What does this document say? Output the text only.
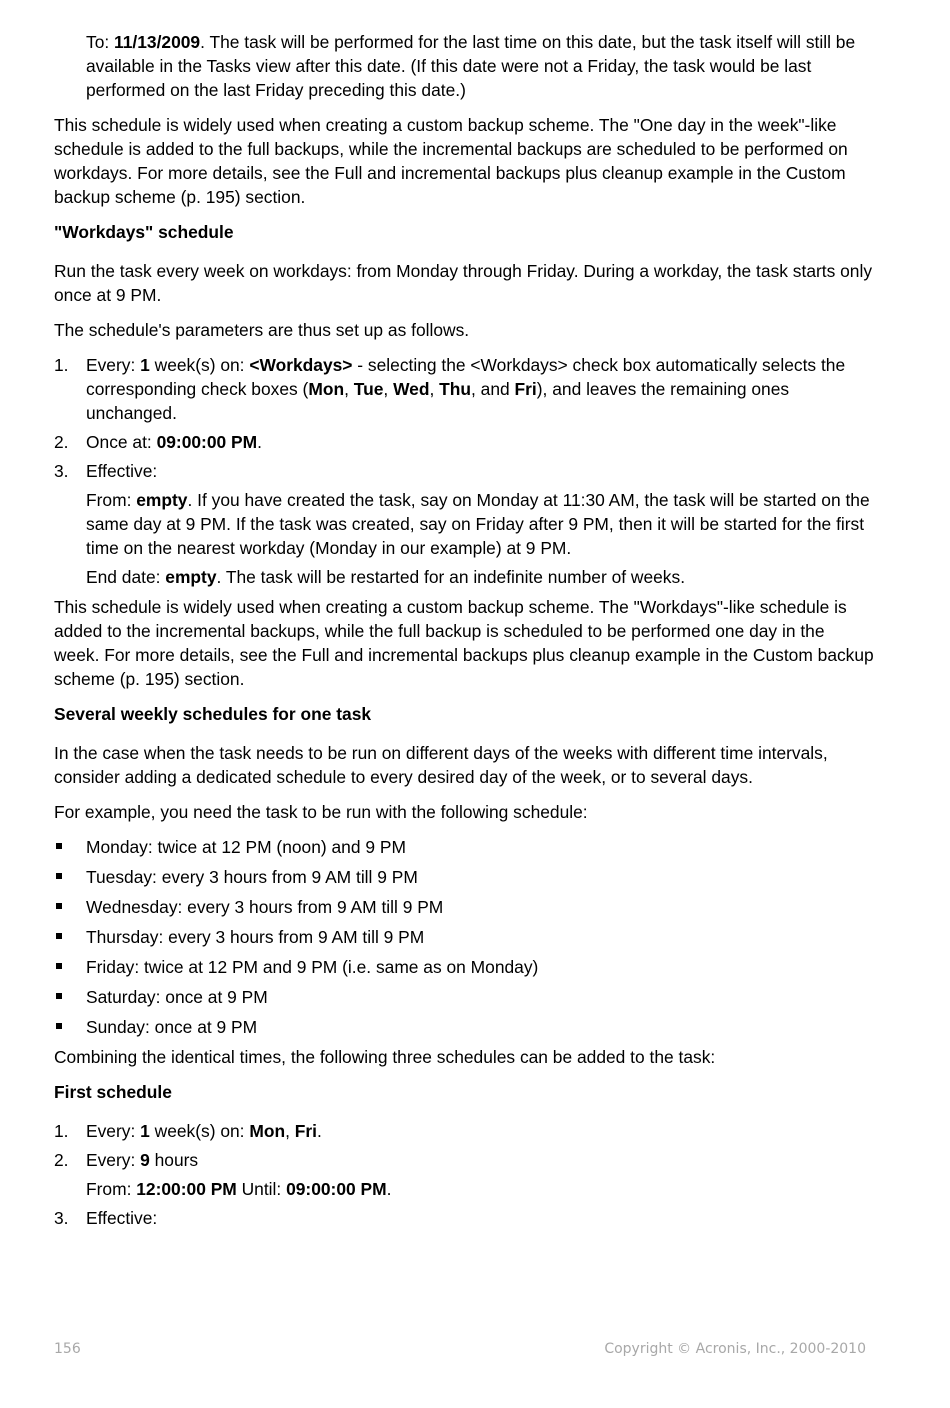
To: 11/13/2009. The task will be performed for the last time on this date, but the task itself will still be available in the Tasks view after this date. (If this date were not a Friday, the task would be last performed on the last Friday preceding this date.)

This schedule is widely used when creating a custom backup scheme. The "One day in the week"-like schedule is added to the full backups, while the incremental backups are scheduled to be performed on workdays. For more details, see the Full and incremental backups plus cleanup example in the Custom backup scheme (p. 195) section.

"Workdays" schedule

Run the task every week on workdays: from Monday through Friday. During a workday, the task starts only once at 9 PM.

The schedule's parameters are thus set up as follows.

1. Every: 1 week(s) on: <Workdays> - selecting the <Workdays> check box automatically selects the corresponding check boxes (Mon, Tue, Wed, Thu, and Fri), and leaves the remaining ones unchanged.
2. Once at: 09:00:00 PM.
3. Effective:

From: empty. If you have created the task, say on Monday at 11:30 AM, the task will be started on the same day at 9 PM. If the task was created, say on Friday after 9 PM, then it will be started for the first time on the nearest workday (Monday in our example) at 9 PM.

End date: empty. The task will be restarted for an indefinite number of weeks.

This schedule is widely used when creating a custom backup scheme. The "Workdays"-like schedule is added to the incremental backups, while the full backup is scheduled to be performed one day in the week. For more details, see the Full and incremental backups plus cleanup example in the Custom backup scheme (p. 195) section.

Several weekly schedules for one task

In the case when the task needs to be run on different days of the weeks with different time intervals, consider adding a dedicated schedule to every desired day of the week, or to several days.

For example, you need the task to be run with the following schedule:

Monday: twice at 12 PM (noon) and 9 PM
Tuesday: every 3 hours from 9 AM till 9 PM
Wednesday: every 3 hours from 9 AM till 9 PM
Thursday: every 3 hours from 9 AM till 9 PM
Friday: twice at 12 PM and 9 PM (i.e. same as on Monday)
Saturday: once at 9 PM
Sunday: once at 9 PM

Combining the identical times, the following three schedules can be added to the task:

First schedule

1. Every: 1 week(s) on: Mon, Fri.
2. Every: 9 hours

From: 12:00:00 PM Until: 09:00:00 PM.

3. Effective:
156	Copyright © Acronis, Inc., 2000-2010
